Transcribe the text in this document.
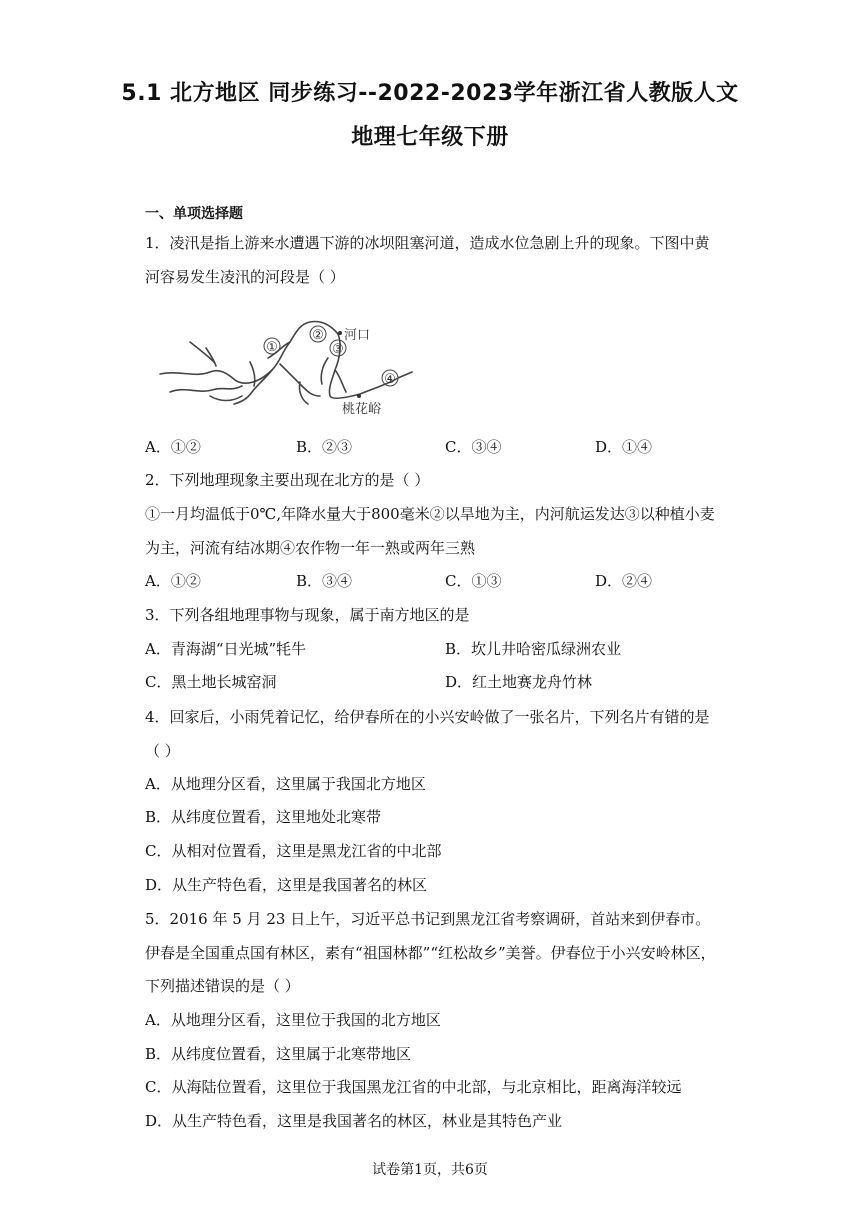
5.1 北方地区 同步练习--2022-2023学年浙江省人教版人文
地理七年级下册
一、单项选择题
1．凌汛是指上游来水遭遇下游的冰坝阻塞河道，造成水位急剧上升的现象。下图中黄
河容易发生凌汛的河段是（ ）
①
②
③
④
河口
桃花峪
A．①②	B．②③	C．③④	D．①④
2．下列地理现象主要出现在北方的是（ ）
①一月均温低于0℃,年降水量大于800毫米②以旱地为主，内河航运发达③以种植小麦
为主，河流有结冰期④农作物一年一熟或两年三熟
A．①②	B．③④	C．①③	D．②④
3．下列各组地理事物与现象，属于南方地区的是
A．青海湖“日光城”牦牛	B．坎儿井哈密瓜绿洲农业
C．黑土地长城窑洞	D．红土地赛龙舟竹林
4．回家后，小雨凭着记忆，给伊春所在的小兴安岭做了一张名片，下列名片有错的是
（ ）
A．从地理分区看，这里属于我国北方地区
B．从纬度位置看，这里地处北寒带
C．从相对位置看，这里是黑龙江省的中北部
D．从生产特色看，这里是我国著名的林区
5．2016 年 5 月 23 日上午，习近平总书记到黑龙江省考察调研，首站来到伊春市。
伊春是全国重点国有林区，素有“祖国林都”“红松故乡”美誉。伊春位于小兴安岭林区，
下列描述错误的是（ ）
A．从地理分区看，这里位于我国的北方地区
B．从纬度位置看，这里属于北寒带地区
C．从海陆位置看，这里位于我国黑龙江省的中北部，与北京相比，距离海洋较远
D．从生产特色看，这里是我国著名的林区，林业是其特色产业
试卷第1页，共6页
